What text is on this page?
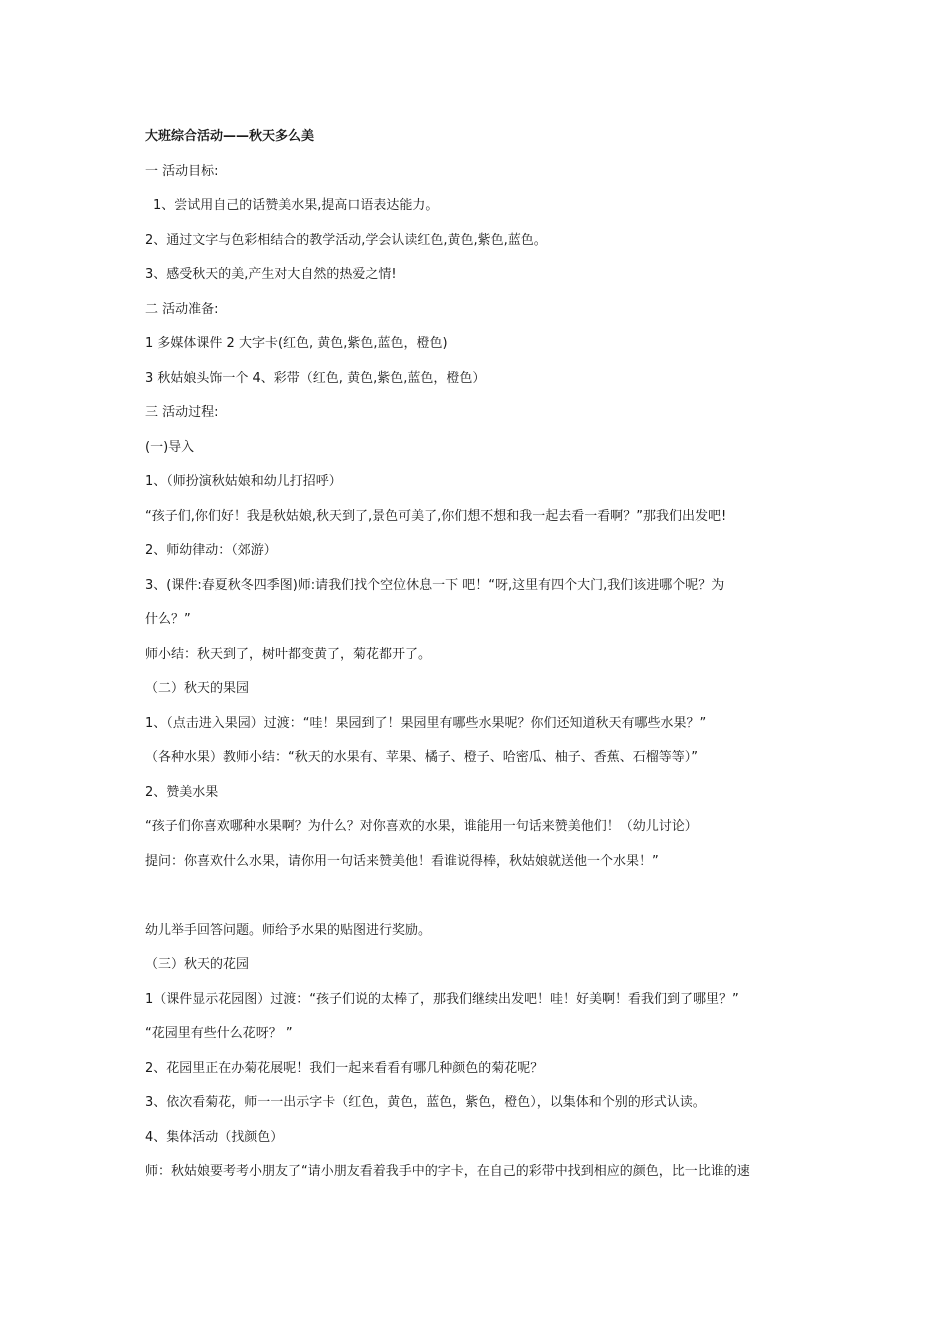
大班综合活动——秋天多么美
一 活动目标:
1、尝试用自己的话赞美水果,提高口语表达能力。
2、通过文字与色彩相结合的教学活动,学会认读红色,黄色,紫色,蓝色。
3、感受秋天的美,产生对大自然的热爱之情!
二 活动准备:
1 多媒体课件 2 大字卡(红色, 黄色,紫色,蓝色，橙色)
3 秋姑娘头饰一个 4、彩带（红色, 黄色,紫色,蓝色，橙色）
三 活动过程:
(一)导入
1、（师扮演秋姑娘和幼儿打招呼）
“孩子们,你们好！我是秋姑娘,秋天到了,景色可美了,你们想不想和我一起去看一看啊？”那我们出发吧!
2、师幼律动：（郊游）
3、(课件:春夏秋冬四季图)师:请我们找个空位休息一下 吧！“呀,这里有四个大门,我们该进哪个呢？为
什么？”
师小结：秋天到了，树叶都变黄了，菊花都开了。
（二）秋天的果园
1、（点击进入果园）过渡：“哇！果园到了！果园里有哪些水果呢？你们还知道秋天有哪些水果？”
（各种水果）教师小结：“秋天的水果有、苹果、橘子、橙子、哈密瓜、柚子、香蕉、石榴等等）”
2、赞美水果
“孩子们你喜欢哪种水果啊？为什么？对你喜欢的水果，谁能用一句话来赞美他们！（幼儿讨论）
提问：你喜欢什么水果，请你用一句话来赞美他！看谁说得棒，秋姑娘就送他一个水果！”
幼儿举手回答问题。师给予水果的贴图进行奖励。
（三）秋天的花园
1（课件显示花园图）过渡：“孩子们说的太棒了，那我们继续出发吧！哇！好美啊！看我们到了哪里？”
“花园里有些什么花呀？ ”
2、花园里正在办菊花展呢！我们一起来看看有哪几种颜色的菊花呢？
3、依次看菊花，师一一出示字卡（红色，黄色，蓝色，紫色，橙色），以集体和个别的形式认读。
4、集体活动（找颜色）
师：秋姑娘要考考小朋友了“请小朋友看着我手中的字卡，在自己的彩带中找到相应的颜色，比一比谁的速
